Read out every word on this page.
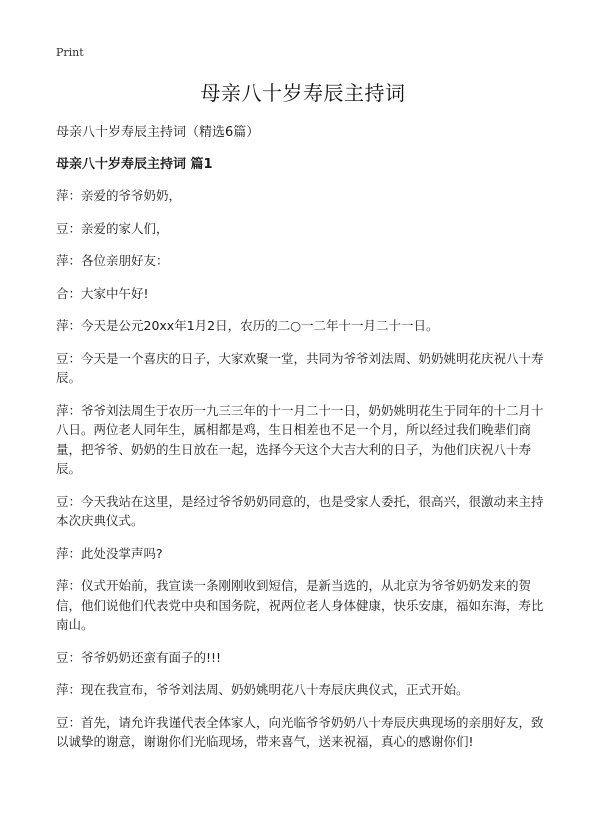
Print
母亲八十岁寿辰主持词
母亲八十岁寿辰主持词（精选6篇）
母亲八十岁寿辰主持词 篇1

萍：亲爱的爷爷奶奶，

豆：亲爱的家人们，

萍：各位亲朋好友：

合：大家中午好!

萍：今天是公元20xx年1月2日，农历的二○一二年十一月二十一日。

豆：今天是一个喜庆的日子，大家欢聚一堂，共同为爷爷刘法周、奶奶姚明花庆祝八十寿辰。

萍：爷爷刘法周生于农历一九三三年的十一月二十一日，奶奶姚明花生于同年的十二月十八日。两位老人同年生，属相都是鸡，生日相差也不足一个月，所以经过我们晚辈们商量，把爷爷、奶奶的生日放在一起，选择今天这个大吉大利的日子，为他们庆祝八十寿辰。

豆：今天我站在这里，是经过爷爷奶奶同意的，也是受家人委托，很高兴，很激动来主持本次庆典仪式。

萍：此处没掌声吗?

萍：仪式开始前，我宣读一条刚刚收到短信，是新当选的，从北京为爷爷奶奶发来的贺信，他们说他们代表党中央和国务院，祝两位老人身体健康，快乐安康，福如东海，寿比南山。

豆：爷爷奶奶还蛮有面子的!!!

萍：现在我宣布，爷爷刘法周、奶奶姚明花八十寿辰庆典仪式，正式开始。

豆：首先，请允许我谨代表全体家人，向光临爷爷奶奶八十寿辰庆典现场的亲朋好友，致以诚挚的谢意，谢谢你们光临现场，带来喜气，送来祝福，真心的感谢你们!
